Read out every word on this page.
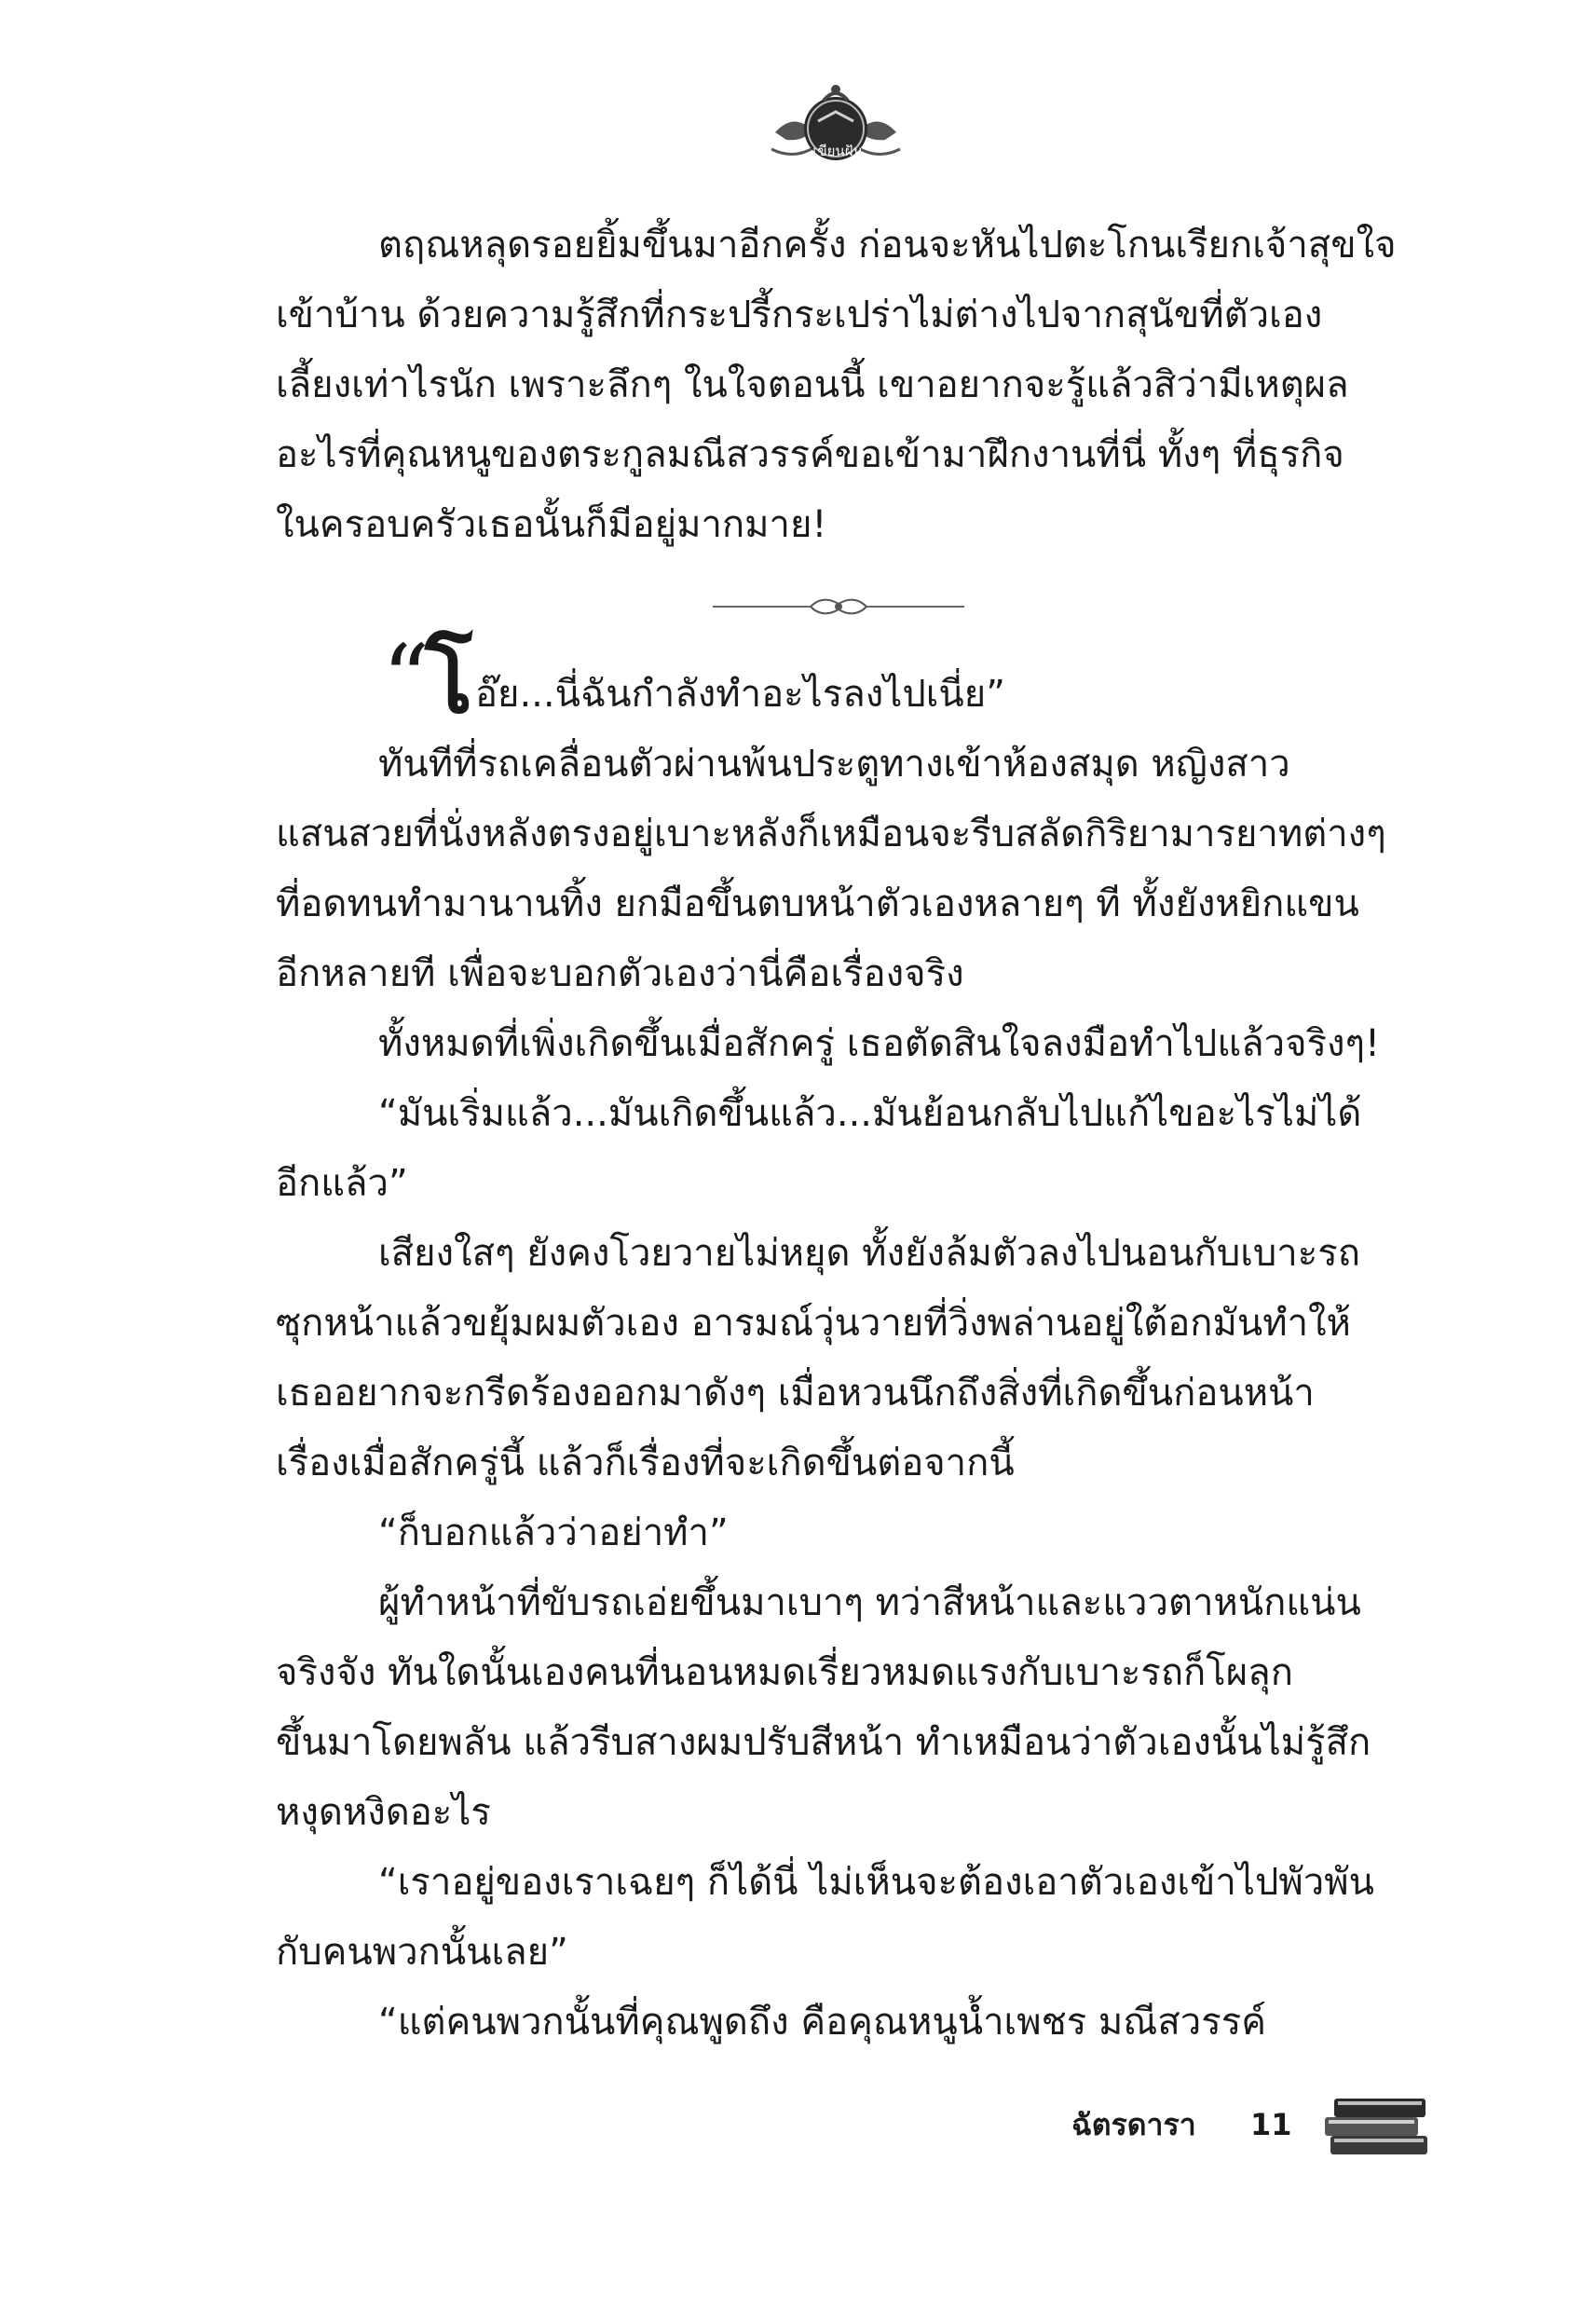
เขียนฝัน
ตฤณหลุดรอยยิ้มขึ้นมาอีกครั้ง ก่อนจะหันไปตะโกนเรียกเจ้าสุขใจ
เข้าบ้าน ด้วยความรู้สึกที่กระปรี้กระเปร่าไม่ต่างไปจากสุนัขที่ตัวเอง
เลี้ยงเท่าไรนัก เพราะลึกๆ ในใจตอนนี้ เขาอยากจะรู้แล้วสิว่ามีเหตุผล
อะไรที่คุณหนูของตระกูลมณีสวรรค์ขอเข้ามาฝึกงานที่นี่ ทั้งๆ ที่ธุรกิจ
ในครอบครัวเธอนั้นก็มีอยู่มากมาย!
“
โ อ๊ย...นี่ฉันกำลังทำอะไรลงไปเนี่ย”
ทันทีที่รถเคลื่อนตัวผ่านพ้นประตูทางเข้าห้องสมุด หญิงสาว
แสนสวยที่นั่งหลังตรงอยู่เบาะหลังก็เหมือนจะรีบสลัดกิริยามารยาทต่างๆ
ที่อดทนทำมานานทิ้ง ยกมือขึ้นตบหน้าตัวเองหลายๆ ที ทั้งยังหยิกแขน
อีกหลายที เพื่อจะบอกตัวเองว่านี่คือเรื่องจริง
ทั้งหมดที่เพิ่งเกิดขึ้นเมื่อสักครู่ เธอตัดสินใจลงมือทำไปแล้วจริงๆ!
“มันเริ่มแล้ว...มันเกิดขึ้นแล้ว...มันย้อนกลับไปแก้ไขอะไรไม่ได้
อีกแล้ว”
เสียงใสๆ ยังคงโวยวายไม่หยุด ทั้งยังล้มตัวลงไปนอนกับเบาะรถ
ซุกหน้าแล้วขยุ้มผมตัวเอง อารมณ์วุ่นวายที่วิ่งพล่านอยู่ใต้อกมันทำให้
เธออยากจะกรีดร้องออกมาดังๆ เมื่อหวนนึกถึงสิ่งที่เกิดขึ้นก่อนหน้า
เรื่องเมื่อสักครู่นี้ แล้วก็เรื่องที่จะเกิดขึ้นต่อจากนี้
“ก็บอกแล้วว่าอย่าทำ”
ผู้ทำหน้าที่ขับรถเอ่ยขึ้นมาเบาๆ ทว่าสีหน้าและแววตาหนักแน่น
จริงจัง ทันใดนั้นเองคนที่นอนหมดเรี่ยวหมดแรงกับเบาะรถก็โผลุก
ขึ้นมาโดยพลัน แล้วรีบสางผมปรับสีหน้า ทำเหมือนว่าตัวเองนั้นไม่รู้สึก
หงุดหงิดอะไร
“เราอยู่ของเราเฉยๆ ก็ได้นี่ ไม่เห็นจะต้องเอาตัวเองเข้าไปพัวพัน
กับคนพวกนั้นเลย”
“แต่คนพวกนั้นที่คุณพูดถึง คือคุณหนูน้ำเพชร มณีสวรรค์
ฉัตรดารา 11
